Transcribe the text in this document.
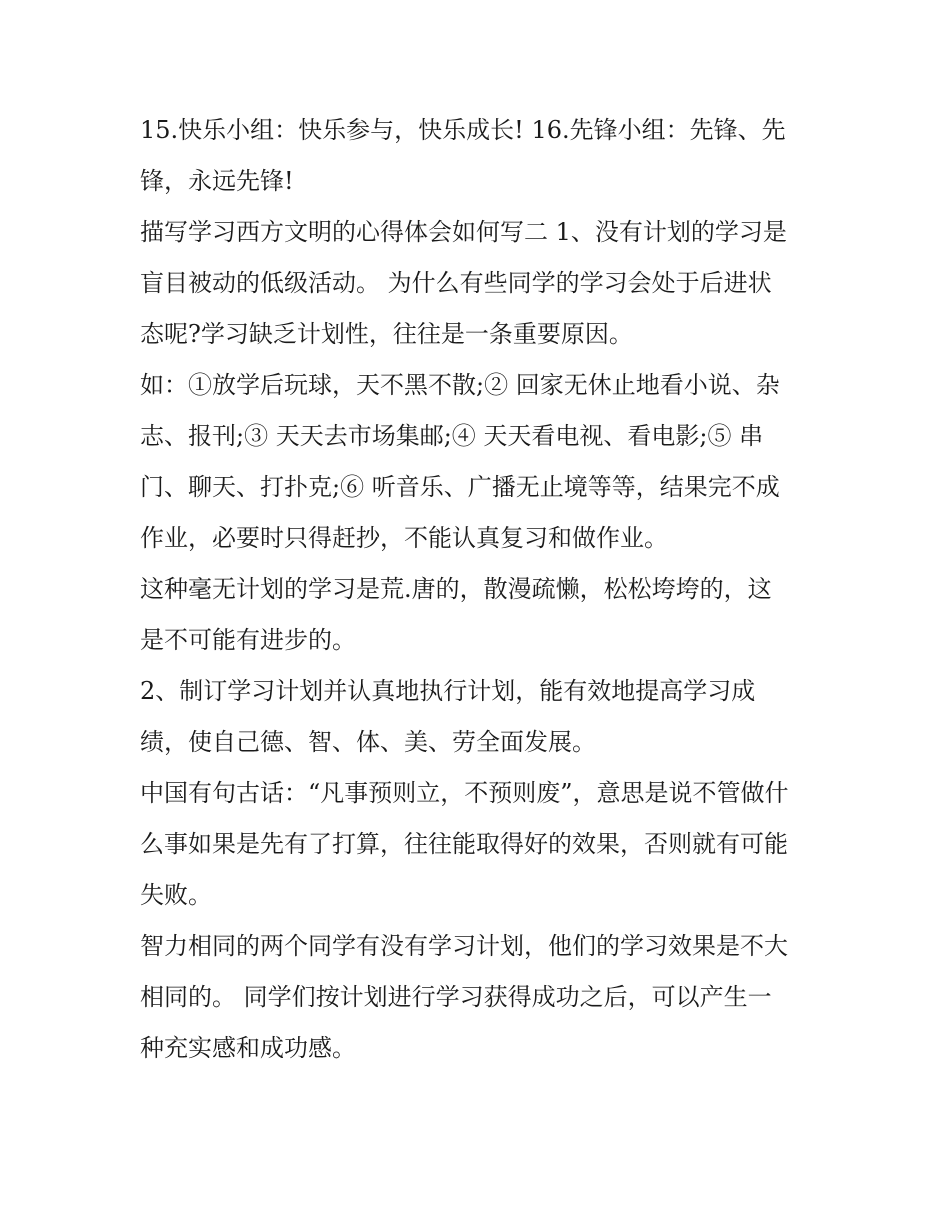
15.快乐小组：快乐参与，快乐成长! 16.先锋小组：先锋、先
锋，永远先锋!
描写学习西方文明的心得体会如何写二 1、没有计划的学习是
盲目被动的低级活动。 为什么有些同学的学习会处于后进状
态呢?学习缺乏计划性，往往是一条重要原因。
如：①放学后玩球，天不黑不散;② 回家无休止地看小说、杂
志、报刊;③ 天天去市场集邮;④ 天天看电视、看电影;⑤ 串
门、聊天、打扑克;⑥ 听音乐、广播无止境等等，结果完不成
作业，必要时只得赶抄，不能认真复习和做作业。
这种毫无计划的学习是荒.唐的，散漫疏懒，松松垮垮的，这
是不可能有进步的。
2、制订学习计划并认真地执行计划，能有效地提高学习成
绩，使自己德、智、体、美、劳全面发展。
中国有句古话：“凡事预则立，不预则废”，意思是说不管做什
么事如果是先有了打算，往往能取得好的效果，否则就有可能
失败。
智力相同的两个同学有没有学习计划，他们的学习效果是不大
相同的。 同学们按计划进行学习获得成功之后，可以产生一
种充实感和成功感。
